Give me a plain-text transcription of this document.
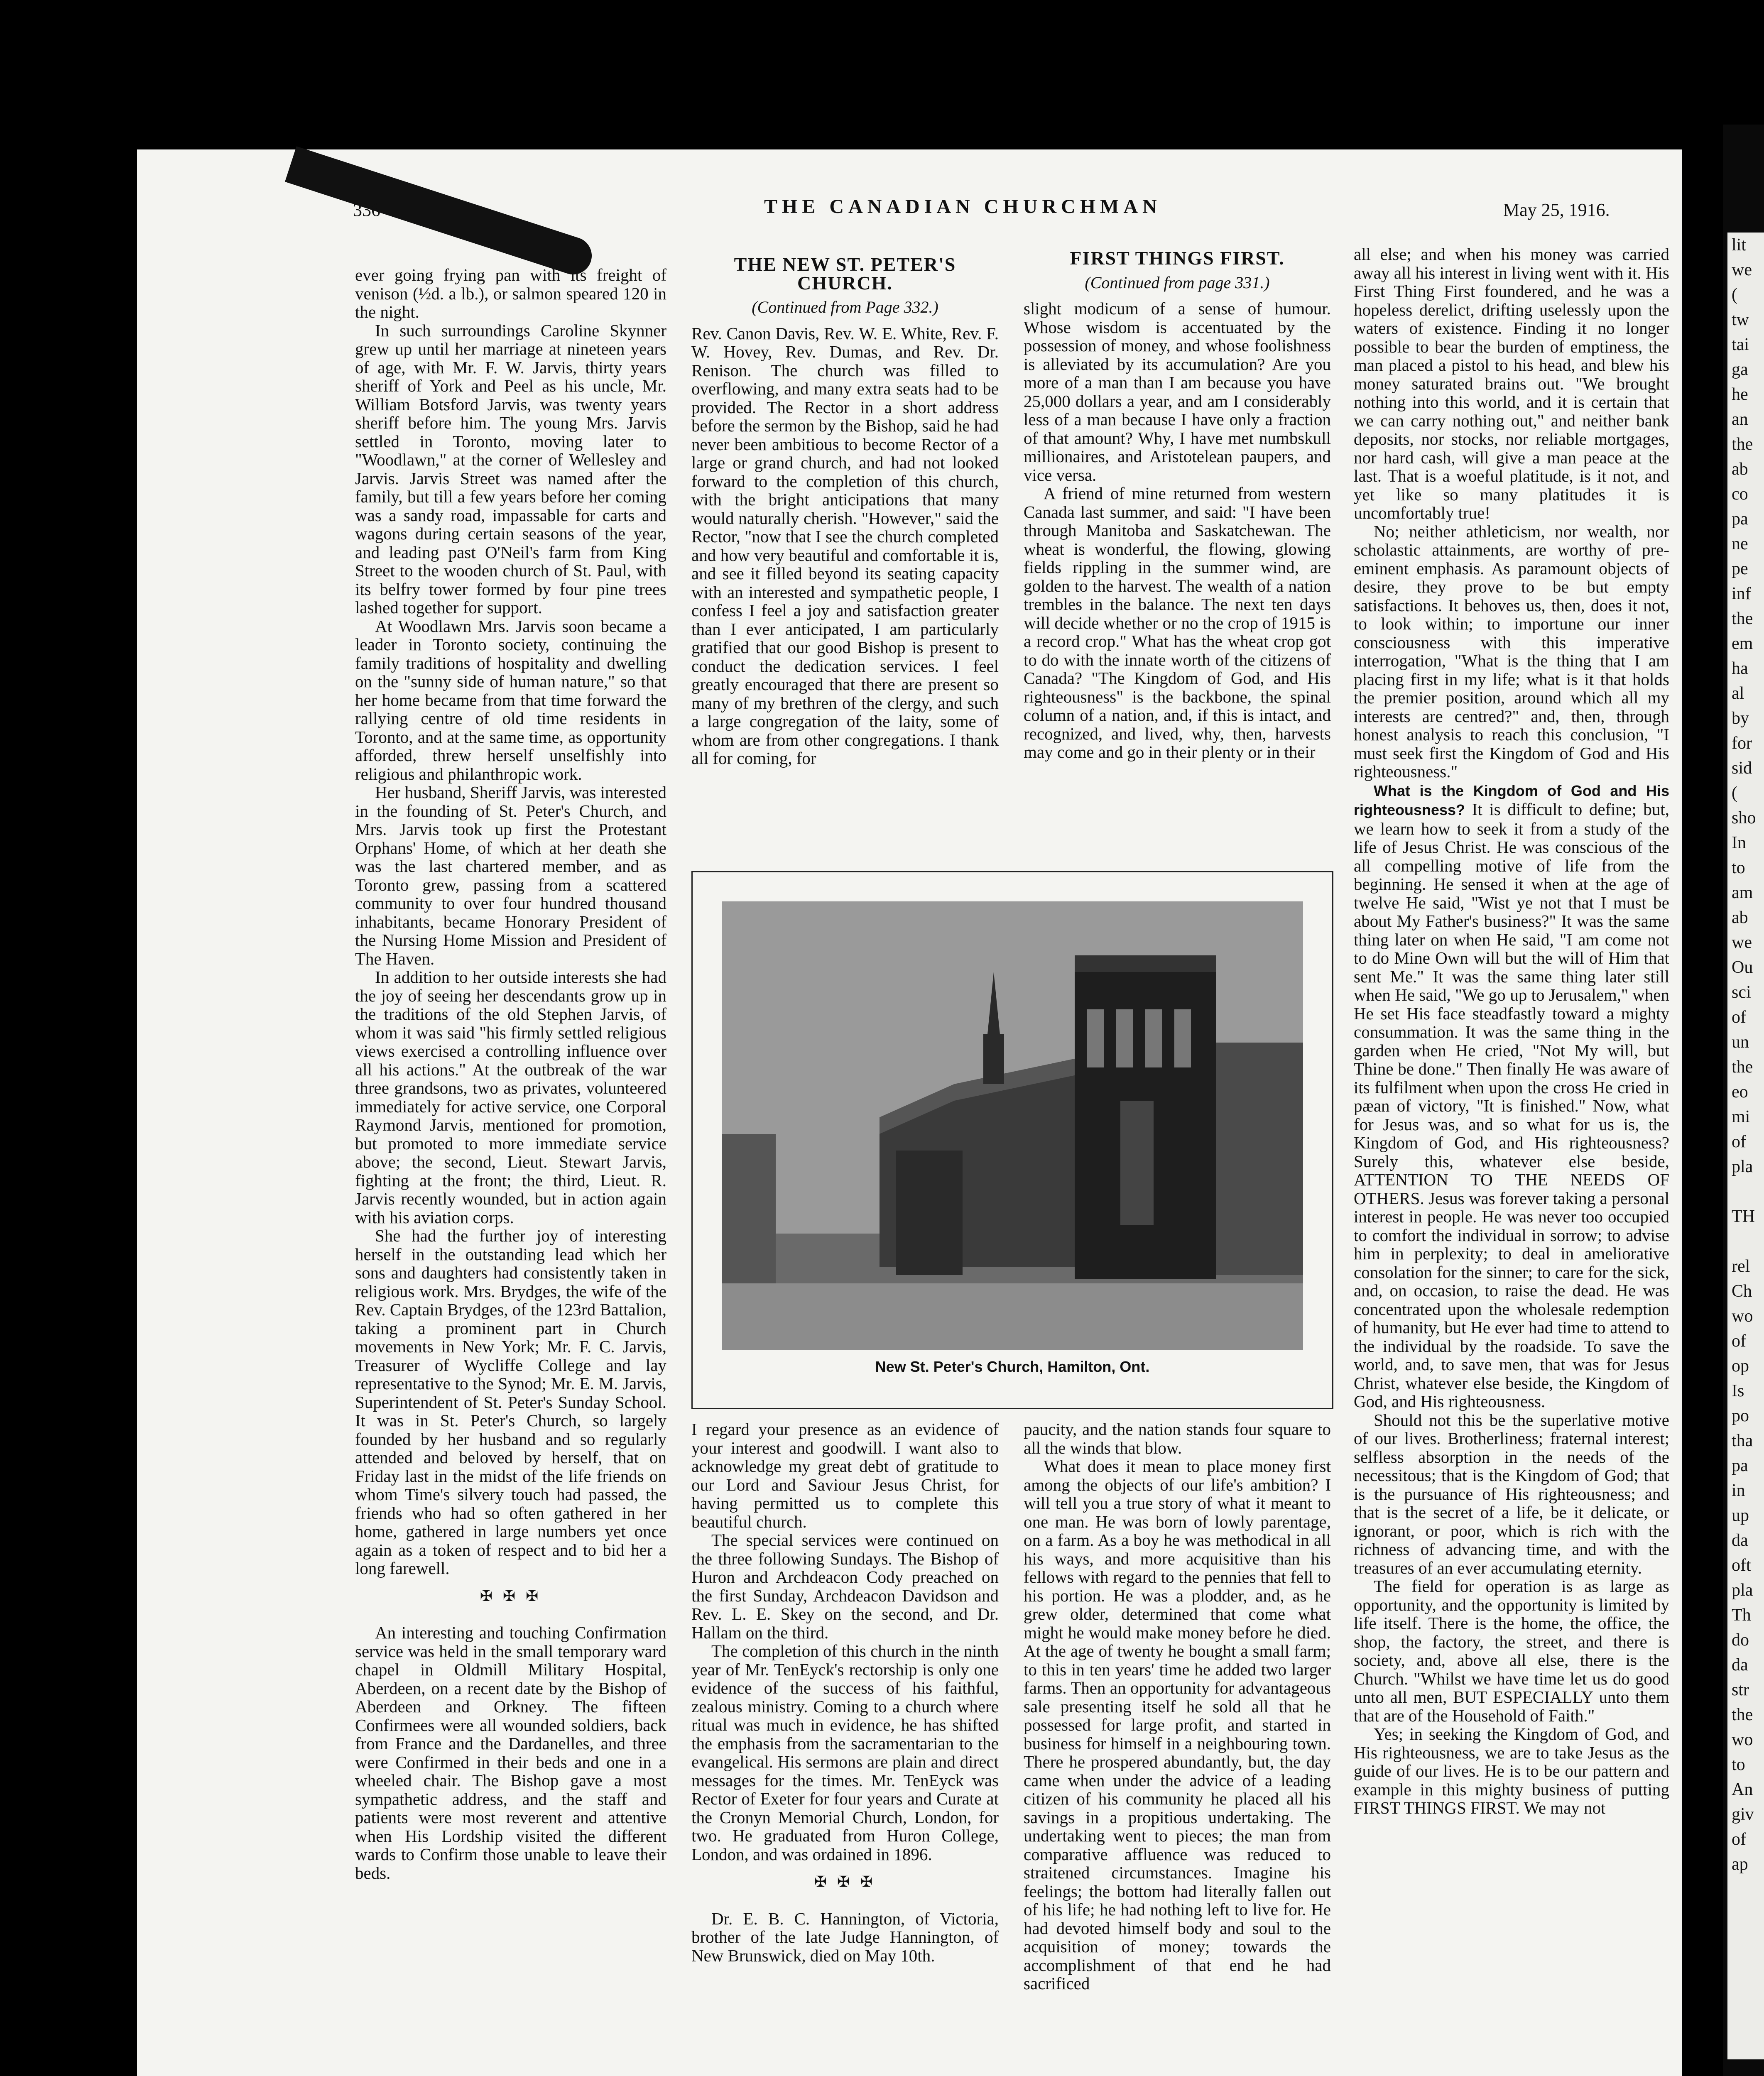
lit
we
(
tw
tai
ga
he
an
the
ab
co
pa
ne
pe
inf
the
em
ha
al
by
for
sid
(
sho
In
to
am
ab
we
Ou
sci
of
un
the
eo
mi
of
pla

TH

rel
Ch
wo
of
op
Is
po
tha
pa
in
up
da
oft
pla
Th
do
da
str
the
wo
to
An
giv
of
ap
336	THE CANADIAN CHURCHMAN	May 25, 1916.

ever going frying pan with its freight of venison (½d. a lb.), or salmon speared 120 in the night.

In such surroundings Caroline Skynner grew up until her marriage at nineteen years of age, with Mr. F. W. Jarvis, thirty years sheriff of York and Peel as his uncle, Mr. William Botsford Jarvis, was twenty years sheriff before him. The young Mrs. Jarvis settled in Toronto, moving later to "Woodlawn," at the corner of Wellesley and Jarvis. Jarvis Street was named after the family, but till a few years before her coming was a sandy road, impassable for carts and wagons during certain seasons of the year, and leading past O'Neil's farm from King Street to the wooden church of St. Paul, with its belfry tower formed by four pine trees lashed together for support.

At Woodlawn Mrs. Jarvis soon became a leader in Toronto society, continuing the family traditions of hospitality and dwelling on the "sunny side of human nature," so that her home became from that time forward the rallying centre of old time residents in Toronto, and at the same time, as opportunity afforded, threw herself unselfishly into religious and philanthropic work.

Her husband, Sheriff Jarvis, was interested in the founding of St. Peter's Church, and Mrs. Jarvis took up first the Protestant Orphans' Home, of which at her death she was the last chartered member, and as Toronto grew, passing from a scattered community to over four hundred thousand inhabitants, became Honorary President of the Nursing Home Mission and President of The Haven.

In addition to her outside interests she had the joy of seeing her descendants grow up in the traditions of the old Stephen Jarvis, of whom it was said "his firmly settled religious views exercised a controlling influence over all his actions." At the outbreak of the war three grandsons, two as privates, volunteered immediately for active service, one Corporal Raymond Jarvis, mentioned for promotion, but promoted to more immediate service above; the second, Lieut. Stewart Jarvis, fighting at the front; the third, Lieut. R. Jarvis recently wounded, but in action again with his aviation corps.

She had the further joy of interesting herself in the outstanding lead which her sons and daughters had consistently taken in religious work. Mrs. Brydges, the wife of the Rev. Captain Brydges, of the 123rd Battalion, taking a prominent part in Church movements in New York; Mr. F. C. Jarvis, Treasurer of Wycliffe College and lay representative to the Synod; Mr. E. M. Jarvis, Superintendent of St. Peter's Sunday School. It was in St. Peter's Church, so largely founded by her husband and so regularly attended and beloved by herself, that on Friday last in the midst of the life friends on whom Time's silvery touch had passed, the friends who had so often gathered in her home, gathered in large numbers yet once again as a token of respect and to bid her a long farewell.

✠ ✠ ✠

An interesting and touching Confirmation service was held in the small temporary ward chapel in Oldmill Military Hospital, Aberdeen, on a recent date by the Bishop of Aberdeen and Orkney. The fifteen Confirmees were all wounded soldiers, back from France and the Dardanelles, and three were Confirmed in their beds and one in a wheeled chair. The Bishop gave a most sympathetic address, and the staff and patients were most reverent and attentive when His Lordship visited the different wards to Confirm those unable to leave their beds.

THE NEW ST. PETER'S CHURCH.
(Continued from Page 332.)

Rev. Canon Davis, Rev. W. E. White, Rev. F. W. Hovey, Rev. Dumas, and Rev. Dr. Renison. The church was filled to overflowing, and many extra seats had to be provided. The Rector in a short address before the sermon by the Bishop, said he had never been ambitious to become Rector of a large or grand church, and had not looked forward to the completion of this church, with the bright anticipations that many would naturally cherish. "However," said the Rector, "now that I see the church completed and how very beautiful and comfortable it is, and see it filled beyond its seating capacity with an interested and sympathetic people, I confess I feel a joy and satisfaction greater than I ever anticipated, I am particularly gratified that our good Bishop is present to conduct the dedication services. I feel greatly encouraged that there are present so many of my brethren of the clergy, and such a large congregation of the laity, some of whom are from other congregations. I thank all for coming, for

FIRST THINGS FIRST.
(Continued from page 331.)

slight modicum of a sense of humour. Whose wisdom is accentuated by the possession of money, and whose foolishness is alleviated by its accumulation? Are you more of a man than I am because you have 25,000 dollars a year, and am I considerably less of a man because I have only a fraction of that amount? Why, I have met numbskull millionaires, and Aristotelean paupers, and vice versa.

A friend of mine returned from western Canada last summer, and said: "I have been through Manitoba and Saskatchewan. The wheat is wonderful, the flowing, glowing fields rippling in the summer wind, are golden to the harvest. The wealth of a nation trembles in the balance. The next ten days will decide whether or no the crop of 1915 is a record crop." What has the wheat crop got to do with the innate worth of the citizens of Canada? "The Kingdom of God, and His righteousness" is the backbone, the spinal column of a nation, and, if this is intact, and recognized, and lived, why, then, harvests may come and go in their plenty or in their

New St. Peter's Church, Hamilton, Ont.

I regard your presence as an evidence of your interest and goodwill. I want also to acknowledge my great debt of gratitude to our Lord and Saviour Jesus Christ, for having permitted us to complete this beautiful church.

The special services were continued on the three following Sundays. The Bishop of Huron and Archdeacon Cody preached on the first Sunday, Archdeacon Davidson and Rev. L. E. Skey on the second, and Dr. Hallam on the third.

The completion of this church in the ninth year of Mr. TenEyck's rectorship is only one evidence of the success of his faithful, zealous ministry. Coming to a church where ritual was much in evidence, he has shifted the emphasis from the sacramentarian to the evangelical. His sermons are plain and direct messages for the times. Mr. TenEyck was Rector of Exeter for four years and Curate at the Cronyn Memorial Church, London, for two. He graduated from Huron College, London, and was ordained in 1896.

✠ ✠ ✠

Dr. E. B. C. Hannington, of Victoria, brother of the late Judge Hannington, of New Brunswick, died on May 10th.

paucity, and the nation stands four square to all the winds that blow.

What does it mean to place money first among the objects of our life's ambition? I will tell you a true story of what it meant to one man. He was born of lowly parentage, on a farm. As a boy he was methodical in all his ways, and more acquisitive than his fellows with regard to the pennies that fell to his portion. He was a plodder, and, as he grew older, determined that come what might he would make money before he died. At the age of twenty he bought a small farm; to this in ten years' time he added two larger farms. Then an opportunity for advantageous sale presenting itself he sold all that he possessed for large profit, and started in business for himself in a neighbouring town. There he prospered abundantly, but, the day came when under the advice of a leading citizen of his community he placed all his savings in a propitious undertaking. The undertaking went to pieces; the man from comparative affluence was reduced to straitened circumstances. Imagine his feelings; the bottom had literally fallen out of his life; he had nothing left to live for. He had devoted himself body and soul to the acquisition of money; towards the accomplishment of that end he had sacrificed

all else; and when his money was carried away all his interest in living went with it. His First Thing First foundered, and he was a hopeless derelict, drifting uselessly upon the waters of existence. Finding it no longer possible to bear the burden of emptiness, the man placed a pistol to his head, and blew his money saturated brains out. "We brought nothing into this world, and it is certain that we can carry nothing out," and neither bank deposits, nor stocks, nor reliable mortgages, nor hard cash, will give a man peace at the last. That is a woeful platitude, is it not, and yet like so many platitudes it is uncomfortably true!

No; neither athleticism, nor wealth, nor scholastic attainments, are worthy of pre-eminent emphasis. As paramount objects of desire, they prove to be but empty satisfactions. It behoves us, then, does it not, to look within; to importune our inner consciousness with this imperative interrogation, "What is the thing that I am placing first in my life; what is it that holds the premier position, around which all my interests are centred?" and, then, through honest analysis to reach this conclusion, "I must seek first the Kingdom of God and His righteousness."

What is the Kingdom of God and His righteousness? It is difficult to define; but, we learn how to seek it from a study of the life of Jesus Christ. He was conscious of the all compelling motive of life from the beginning. He sensed it when at the age of twelve He said, "Wist ye not that I must be about My Father's business?" It was the same thing later on when He said, "I am come not to do Mine Own will but the will of Him that sent Me." It was the same thing later still when He said, "We go up to Jerusalem," when He set His face steadfastly toward a mighty consummation. It was the same thing in the garden when He cried, "Not My will, but Thine be done." Then finally He was aware of its fulfilment when upon the cross He cried in pæan of victory, "It is finished." Now, what for Jesus was, and so what for us is, the Kingdom of God, and His righteousness? Surely this, whatever else beside, ATTENTION TO THE NEEDS OF OTHERS. Jesus was forever taking a personal interest in people. He was never too occupied to comfort the individual in sorrow; to advise him in perplexity; to deal in ameliorative consolation for the sinner; to care for the sick, and, on occasion, to raise the dead. He was concentrated upon the wholesale redemption of humanity, but He ever had time to attend to the individual by the roadside. To save the world, and, to save men, that was for Jesus Christ, whatever else beside, the Kingdom of God, and His righteousness.

Should not this be the superlative motive of our lives. Brotherliness; fraternal interest; selfless absorption in the needs of the necessitous; that is the Kingdom of God; that is the pursuance of His righteousness; and that is the secret of a life, be it delicate, or ignorant, or poor, which is rich with the richness of advancing time, and with the treasures of an ever accumulating eternity.

The field for operation is as large as opportunity, and the opportunity is limited by life itself. There is the home, the office, the shop, the factory, the street, and there is society, and, above all else, there is the Church. "Whilst we have time let us do good unto all men, BUT ESPECIALLY unto them that are of the Household of Faith."

Yes; in seeking the Kingdom of God, and His righteousness, we are to take Jesus as the guide of our lives. He is to be our pattern and example in this mighty business of putting FIRST THINGS FIRST. We may not
